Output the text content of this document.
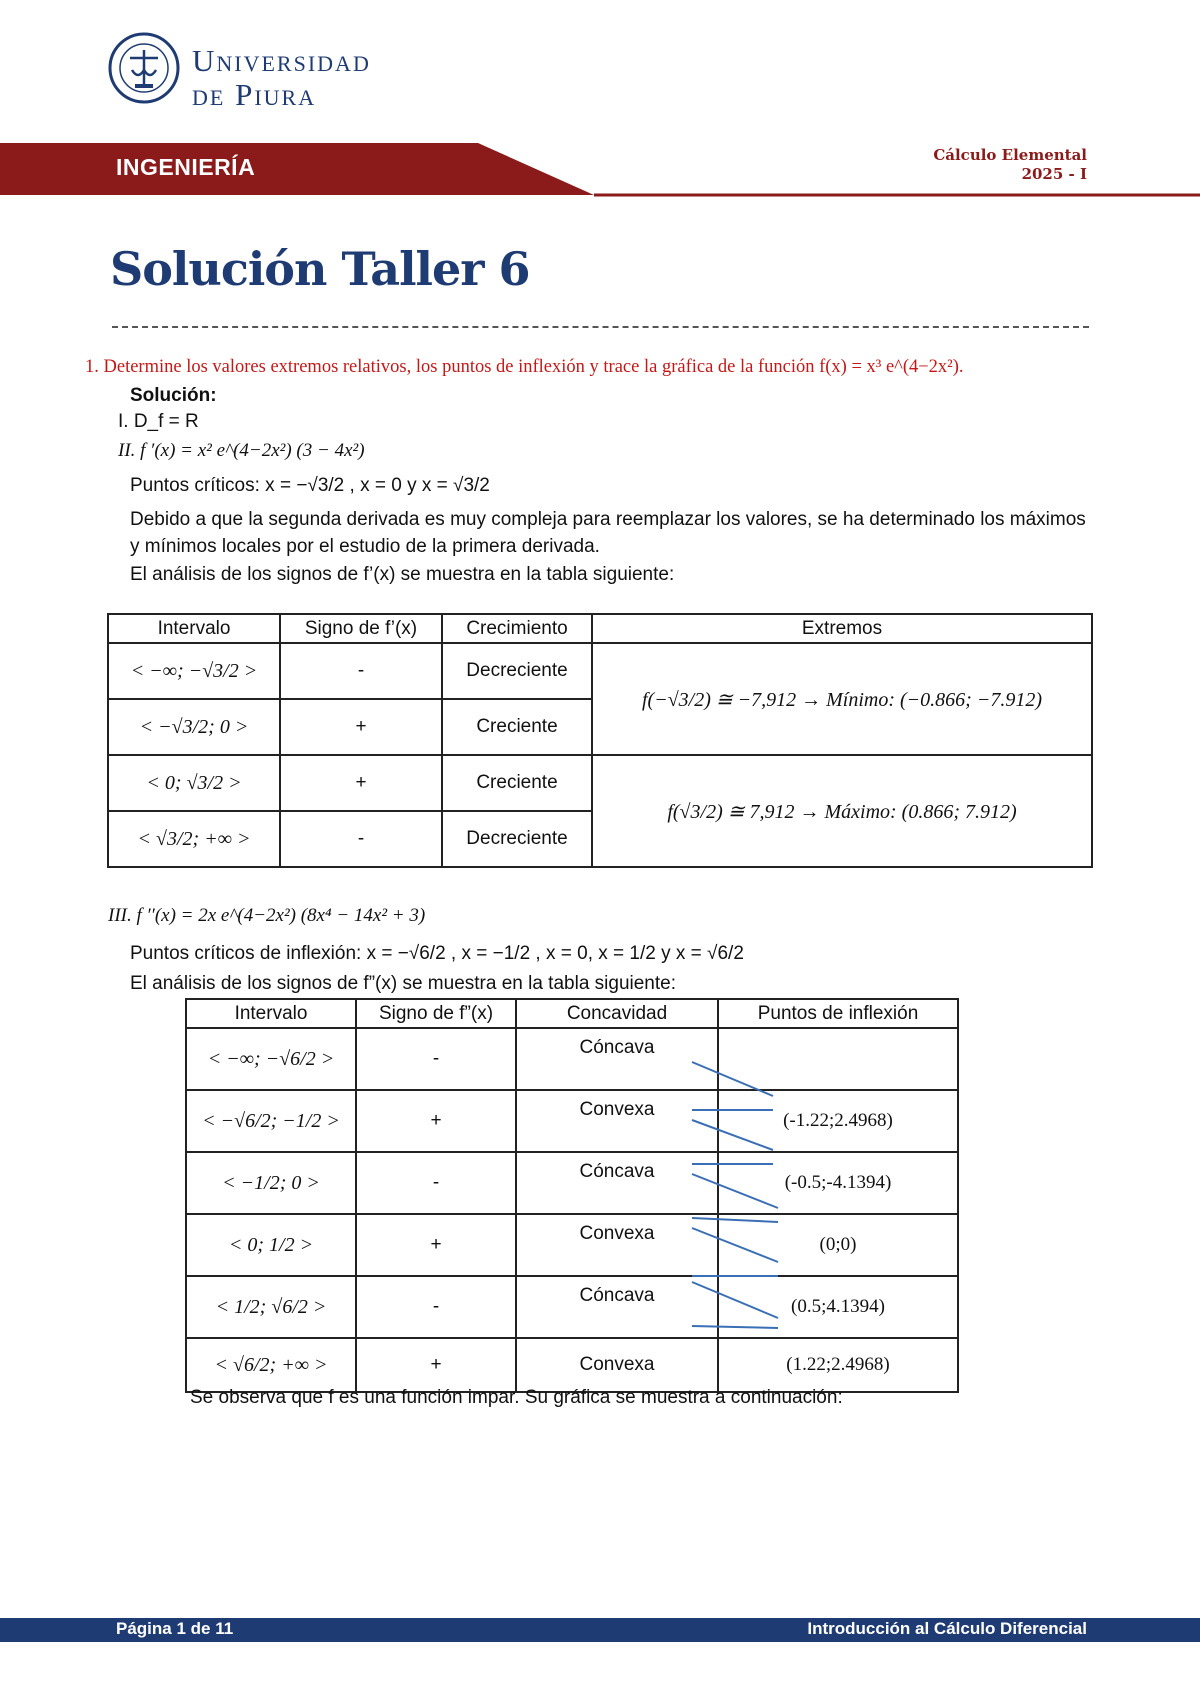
Universidad
de Piura
INGENIERÍA	Cálculo Elemental
2025 - I
Solución Taller 6
1. Determine los valores extremos relativos, los puntos de inflexión y trace la gráfica de la función f(x) = x³ e^(4−2x²).
Solución:
I. D_f = R
II. f ′(x) = x² e^(4−2x²) (3 − 4x²)
Puntos críticos: x = −√3/2 , x = 0 y x = √3/2
Debido a que la segunda derivada es muy compleja para reemplazar los valores, se ha determinado los máximos y mínimos locales por el estudio de la primera derivada.
El análisis de los signos de f’(x) se muestra en la tabla siguiente:
Intervalo	Signo de f’(x)	Crecimiento	Extremos
< −∞; −√3/2 >	-	Decreciente	f(−√3/2) ≅ −7,912 → Mínimo: (−0.866; −7.912)
< −√3/2; 0 >	+	Creciente	
< 0; √3/2 >	+	Creciente	f(√3/2) ≅ 7,912 → Máximo: (0.866; 7.912)
< √3/2; +∞ >	-	Decreciente	
III. f ′′(x) = 2x e^(4−2x²) (8x⁴ − 14x² + 3)
Puntos críticos de inflexión: x = −√6/2 , x = −1/2 , x = 0, x = 1/2 y x = √6/2
El análisis de los signos de f”(x) se muestra en la tabla siguiente:
Intervalo	Signo de f”(x)	Concavidad	Puntos de inflexión
< −∞; −√6/2 >	-	Cóncava	
< −√6/2; −1/2 >	+	Convexa	(-1.22;2.4968)
< −1/2; 0 >	-	Cóncava	(-0.5;-4.1394)
< 0; 1/2 >	+	Convexa	(0;0)
< 1/2; √6/2 >	-	Cóncava	(0.5;4.1394)
< √6/2; +∞ >	+	Convexa	(1.22;2.4968)
Se observa que f es una función impar. Su gráfica se muestra a continuación:
Página 1 de 11	Introducción al Cálculo Diferencial
